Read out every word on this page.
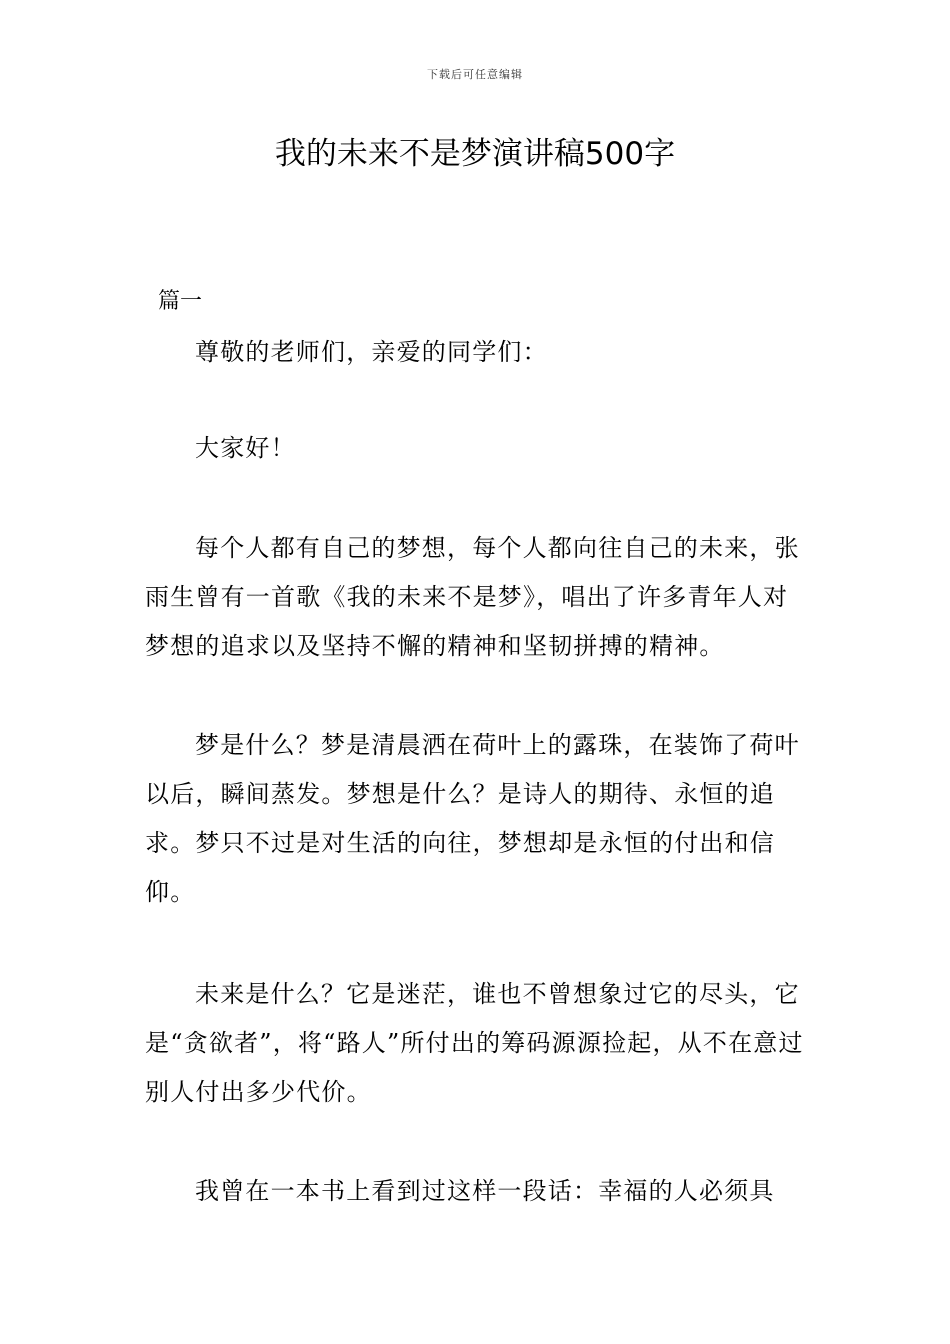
下载后可任意编辑
我的未来不是梦演讲稿500字

篇一

尊敬的老师们，亲爱的同学们：

大家好！

每个人都有自己的梦想，每个人都向往自己的未来，张雨生曾有一首歌《我的未来不是梦》，唱出了许多青年人对梦想的追求以及坚持不懈的精神和坚韧拼搏的精神。

梦是什么？梦是清晨洒在荷叶上的露珠，在装饰了荷叶以后，瞬间蒸发。梦想是什么？是诗人的期待、永恒的追求。梦只不过是对生活的向往，梦想却是永恒的付出和信仰。

未来是什么？它是迷茫，谁也不曾想象过它的尽头，它是“贪欲者”，将“路人”所付出的筹码源源捡起，从不在意过别人付出多少代价。

我曾在一本书上看到过这样一段话：幸福的人必须具
